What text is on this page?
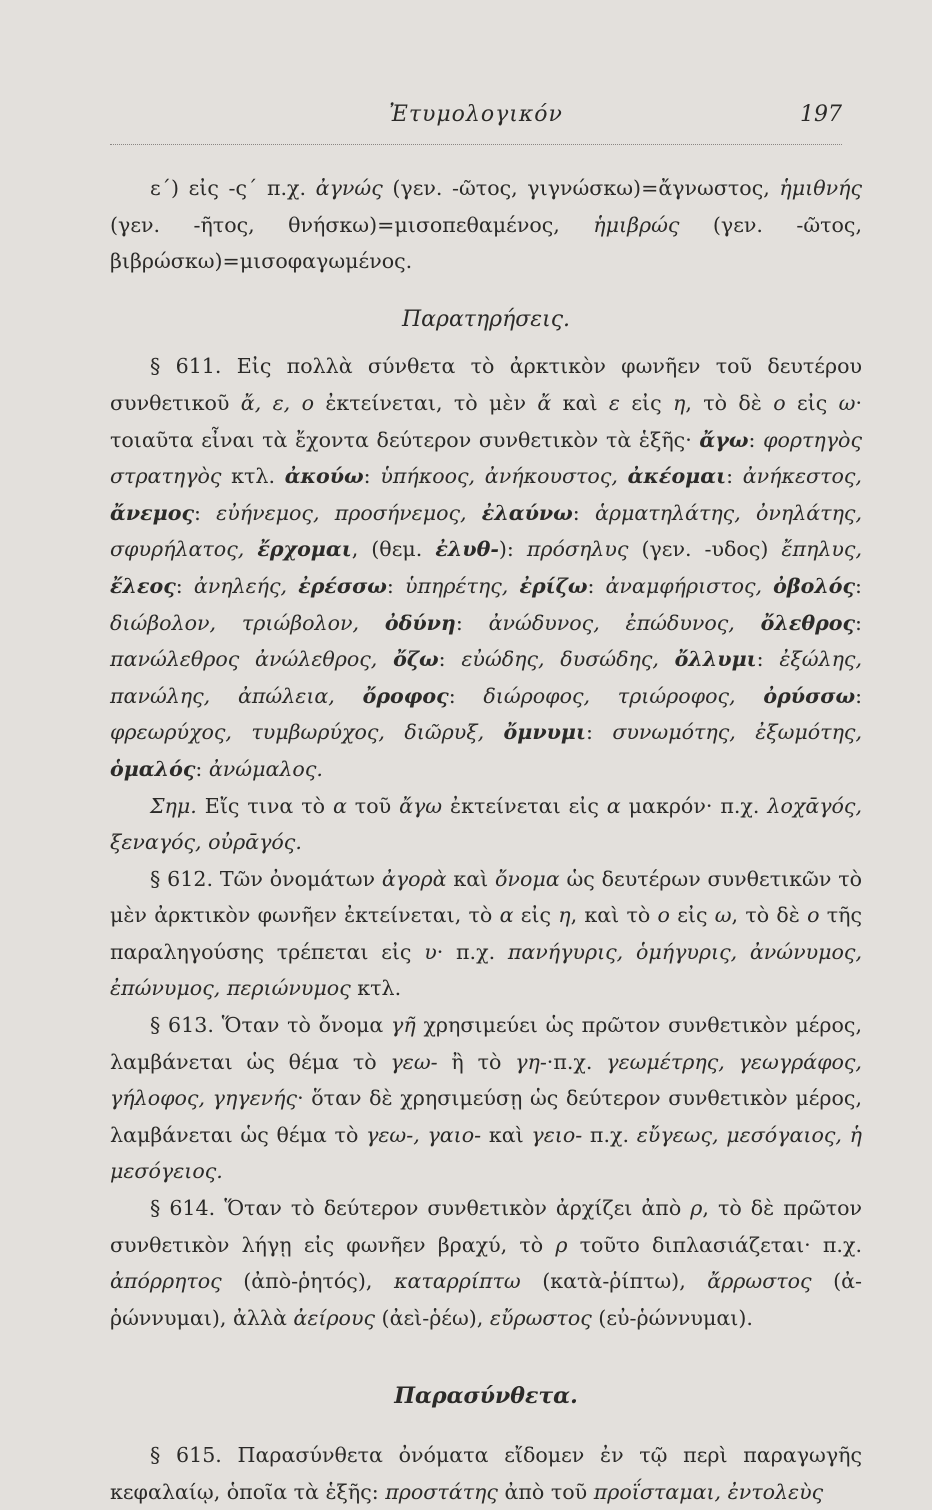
Ἐτυμολογικόν	197

ε΄) εἰς -ς΄ π.χ. ἀγνώς (γεν. -ῶτος, γιγνώσκω)=ἄγνωστος, ἡμιθνής (γεν. -ῆτος, θνήσκω)=μισοπεθαμένος, ἡμιβρώς (γεν. -ῶτος, βιβρώσκω)=μισοφαγωμένος.

Παρατηρήσεις.

§ 611. Εἰς πολλὰ σύνθετα τὸ ἀρκτικὸν φωνῆεν τοῦ δευτέρου συνθετικοῦ ἄ, ε, ο ἐκτείνεται, τὸ μὲν ἄ καὶ ε εἰς η, τὸ δὲ ο εἰς ω· τοιαῦτα εἶναι τὰ ἔχοντα δεύτερον συνθετικὸν τὰ ἑξῆς· ἄγω: φορτηγὸς στρατηγὸς κτλ. ἀκούω: ὑπήκοος, ἀνήκουστος, ἀκέομαι: ἀνήκεστος, ἄνεμος: εὐήνεμος, προσήνεμος, ἐλαύνω: ἁρματηλάτης, ὀνηλάτης, σφυρήλατος, ἔρχομαι, (θεμ. ἐλυθ-): πρόσηλυς (γεν. -υδος) ἔπηλυς, ἔλεος: ἀνηλεής, ἐρέσσω: ὑπηρέτης, ἐρίζω: ἀναμφήριστος, ὀβολός: διώβολον, τριώβολον, ὀδύνη: ἀνώδυνος, ἐπώδυνος, ὄλεθρος: πανώλεθρος ἀνώλεθρος, ὄζω: εὐώδης, δυσώδης, ὄλλυμι: ἐξώλης, πανώλης, ἀπώλεια, ὄροφος: διώροφος, τριώροφος, ὀρύσσω: φρεωρύχος, τυμβωρύχος, διῶρυξ, ὄμνυμι: συνωμότης, ἐξωμότης, ὁμαλός: ἀνώμαλος.

Σημ. Εἴς τινα τὸ α τοῦ ἄγω ἐκτείνεται εἰς α μακρόν· π.χ. λοχᾱγός, ξεναγός, οὐρᾱγός.

§ 612. Τῶν ὀνομάτων ἀγορὰ καὶ ὄνομα ὡς δευτέρων συνθετικῶν τὸ μὲν ἀρκτικὸν φωνῆεν ἐκτείνεται, τὸ α εἰς η, καὶ τὸ ο εἰς ω, τὸ δὲ ο τῆς παραληγούσης τρέπεται εἰς υ· π.χ. πανήγυρις, ὁμήγυρις, ἀνώνυμος, ἐπώνυμος, περιώνυμος κτλ.

§ 613. Ὅταν τὸ ὄνομα γῆ χρησιμεύει ὡς πρῶτον συνθετικὸν μέρος, λαμβάνεται ὡς θέμα τὸ γεω- ἢ τὸ γη-·π.χ. γεωμέτρης, γεωγράφος, γήλοφος, γηγενής· ὅταν δὲ χρησιμεύσῃ ὡς δεύτερον συνθετικὸν μέρος, λαμβάνεται ὡς θέμα τὸ γεω-, γαιο- καὶ γειο- π.χ. εὔγεως, μεσόγαιος, ἡ μεσόγειος.

§ 614. Ὅταν τὸ δεύτερον συνθετικὸν ἀρχίζει ἀπὸ ρ, τὸ δὲ πρῶτον συνθετικὸν λήγῃ εἰς φωνῆεν βραχύ, τὸ ρ τοῦτο διπλασιάζεται· π.χ. ἀπόρρητος (ἀπὸ-ῥητός), καταρρίπτω (κατὰ-ῥίπτω), ἄρρωστος (ἀ-ῥώννυμαι), ἀλλὰ ἀείρους (ἀεὶ-ῥέω), εὔρωστος (εὐ-ῥώννυμαι).

Παρασύνθετα.

§ 615. Παρασύνθετα ὀνόματα εἴδομεν ἐν τῷ περὶ παραγωγῆς κεφαλαίῳ, ὁποῖα τὰ ἑξῆς: προστάτης ἀπὸ τοῦ προΐσταμαι, ἐντολεὺς
